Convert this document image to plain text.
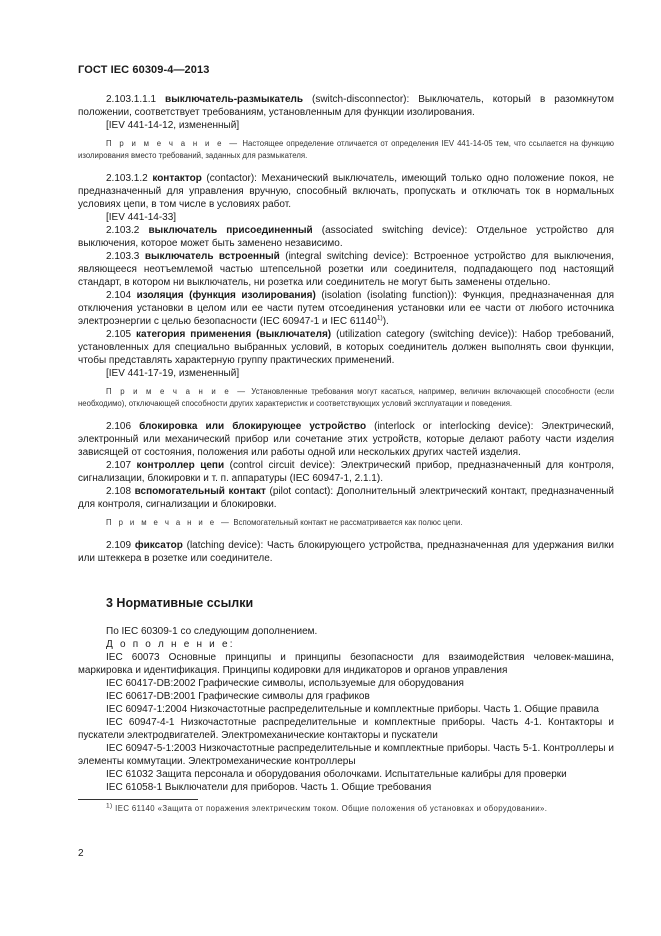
ГОСТ IEC 60309-4—2013

2.103.1.1.1 выключатель-размыкатель (switch-disconnector): Выключатель, который в разомкнутом положении, соответствует требованиям, установленным для функции изолирования.

[IEV 441-14-12, измененный]

П р и м е ч а н и е — Настоящее определение отличается от определения IEV 441-14-05 тем, что ссылается на функцию изолирования вместо требований, заданных для размыкателя.

2.103.1.2 контактор (contactor): Механический выключатель, имеющий только одно положение покоя, не предназначенный для управления вручную, способный включать, пропускать и отключать ток в нормальных условиях цепи, в том числе в условиях работ.

[IEV 441-14-33]

2.103.2 выключатель присоединенный (associated switching device): Отдельное устройство для выключения, которое может быть заменено независимо.

2.103.3 выключатель встроенный (integral switching device): Встроенное устройство для выключения, являющееся неотъемлемой частью штепсельной розетки или соединителя, подпадающего под настоящий стандарт, в котором ни выключатель, ни розетка или соединитель не могут быть заменены отдельно.

2.104 изоляция (функция изолирования) (isolation (isolating function)): Функция, предназначенная для отключения установки в целом или ее части путем отсоединения установки или ее части от любого источника электроэнергии с целью безопасности (IEC 60947-1 и IEC 61140$^{1)}$).

2.105 категория применения (выключателя) (utilization category (switching device)): Набор требований, установленных для специально выбранных условий, в которых соединитель должен выполнять свои функции, чтобы представлять характерную группу практических применений.

[IEV 441-17-19, измененный]

П р и м е ч а н и е — Установленные требования могут касаться, например, величин включающей способности (если необходимо), отключающей способности других характеристик и соответствующих условий эксплуатации и поведения.

2.106 блокировка или блокирующее устройство (interlock or interlocking device): Электрический, электронный или механический прибор или сочетание этих устройств, которые делают работу части изделия зависящей от состояния, положения или работы одной или нескольких других частей изделия.

2.107 контроллер цепи (control circuit device): Электрический прибор, предназначенный для контроля, сигнализации, блокировки и т. п. аппаратуры (IEC 60947-1, 2.1.1).

2.108 вспомогательный контакт (pilot contact): Дополнительный электрический контакт, предназначенный для контроля, сигнализации и блокировки.

П р и м е ч а н и е — Вспомогательный контакт не рассматривается как полюс цепи.

2.109 фиксатор (latching device): Часть блокирующего устройства, предназначенная для удержания вилки или штеккера в розетке или соединителе.

3 Нормативные ссылки

По IEC 60309-1 со следующим дополнением.

Д о п о л н е н и е:

IEC 60073 Основные принципы и принципы безопасности для взаимодействия человек-машина, маркировка и идентификация. Принципы кодировки для индикаторов и органов управления

IEC 60417-DB:2002 Графические символы, используемые для оборудования

IEC 60617-DB:2001 Графические символы для графиков

IEC 60947-1:2004 Низкочастотные распределительные и комплектные приборы. Часть 1. Общие правила

IEC 60947-4-1 Низкочастотные распределительные и комплектные приборы. Часть 4-1. Контакторы и пускатели электродвигателей. Электромеханические контакторы и пускатели

IEC 60947-5-1:2003 Низкочастотные распределительные и комплектные приборы. Часть 5-1. Контроллеры и элементы коммутации. Электромеханические контроллеры

IEC 61032 Защита персонала и оборудования оболочками. Испытательные калибры для проверки

IEC 61058-1 Выключатели для приборов. Часть 1. Общие требования

$^{1)}$ IEC 61140 «Защита от поражения электрическим током. Общие положения об установках и оборудовании».

2
